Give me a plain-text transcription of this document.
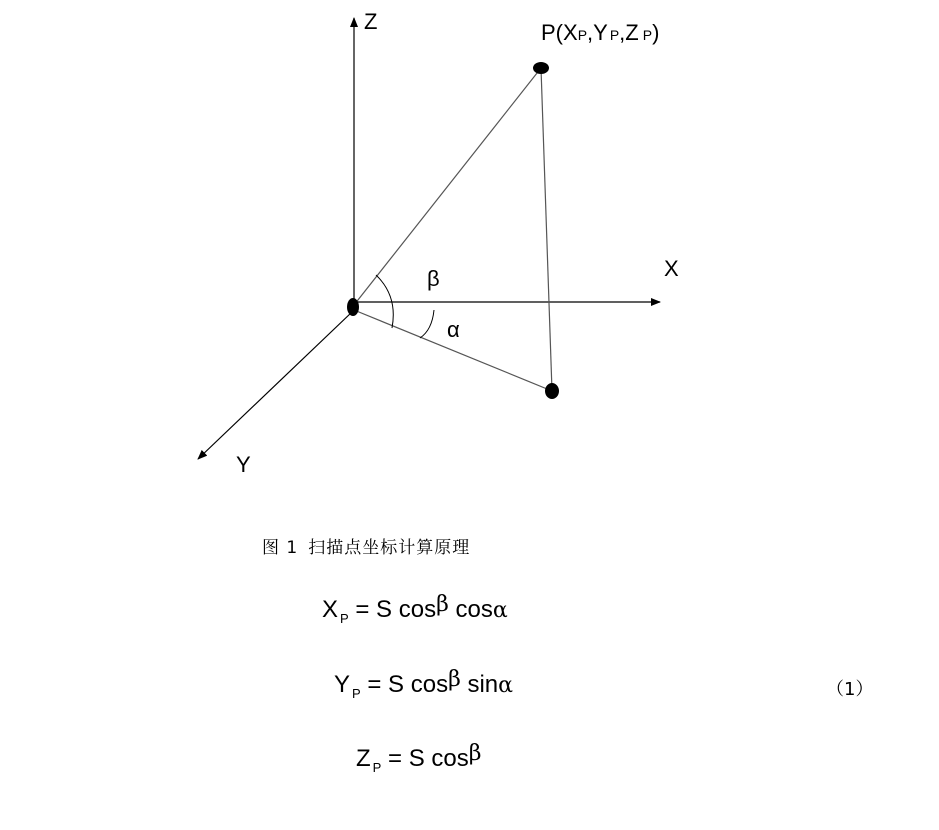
Z
X
Y
P(XP,Y P,Z P)
β
α
图 1 扫描点坐标计算原理
X $_P$ = S cosβ cosα
Y $_P$ = S cosβ sinα
Z $_P$ = S cosβ
（1）
